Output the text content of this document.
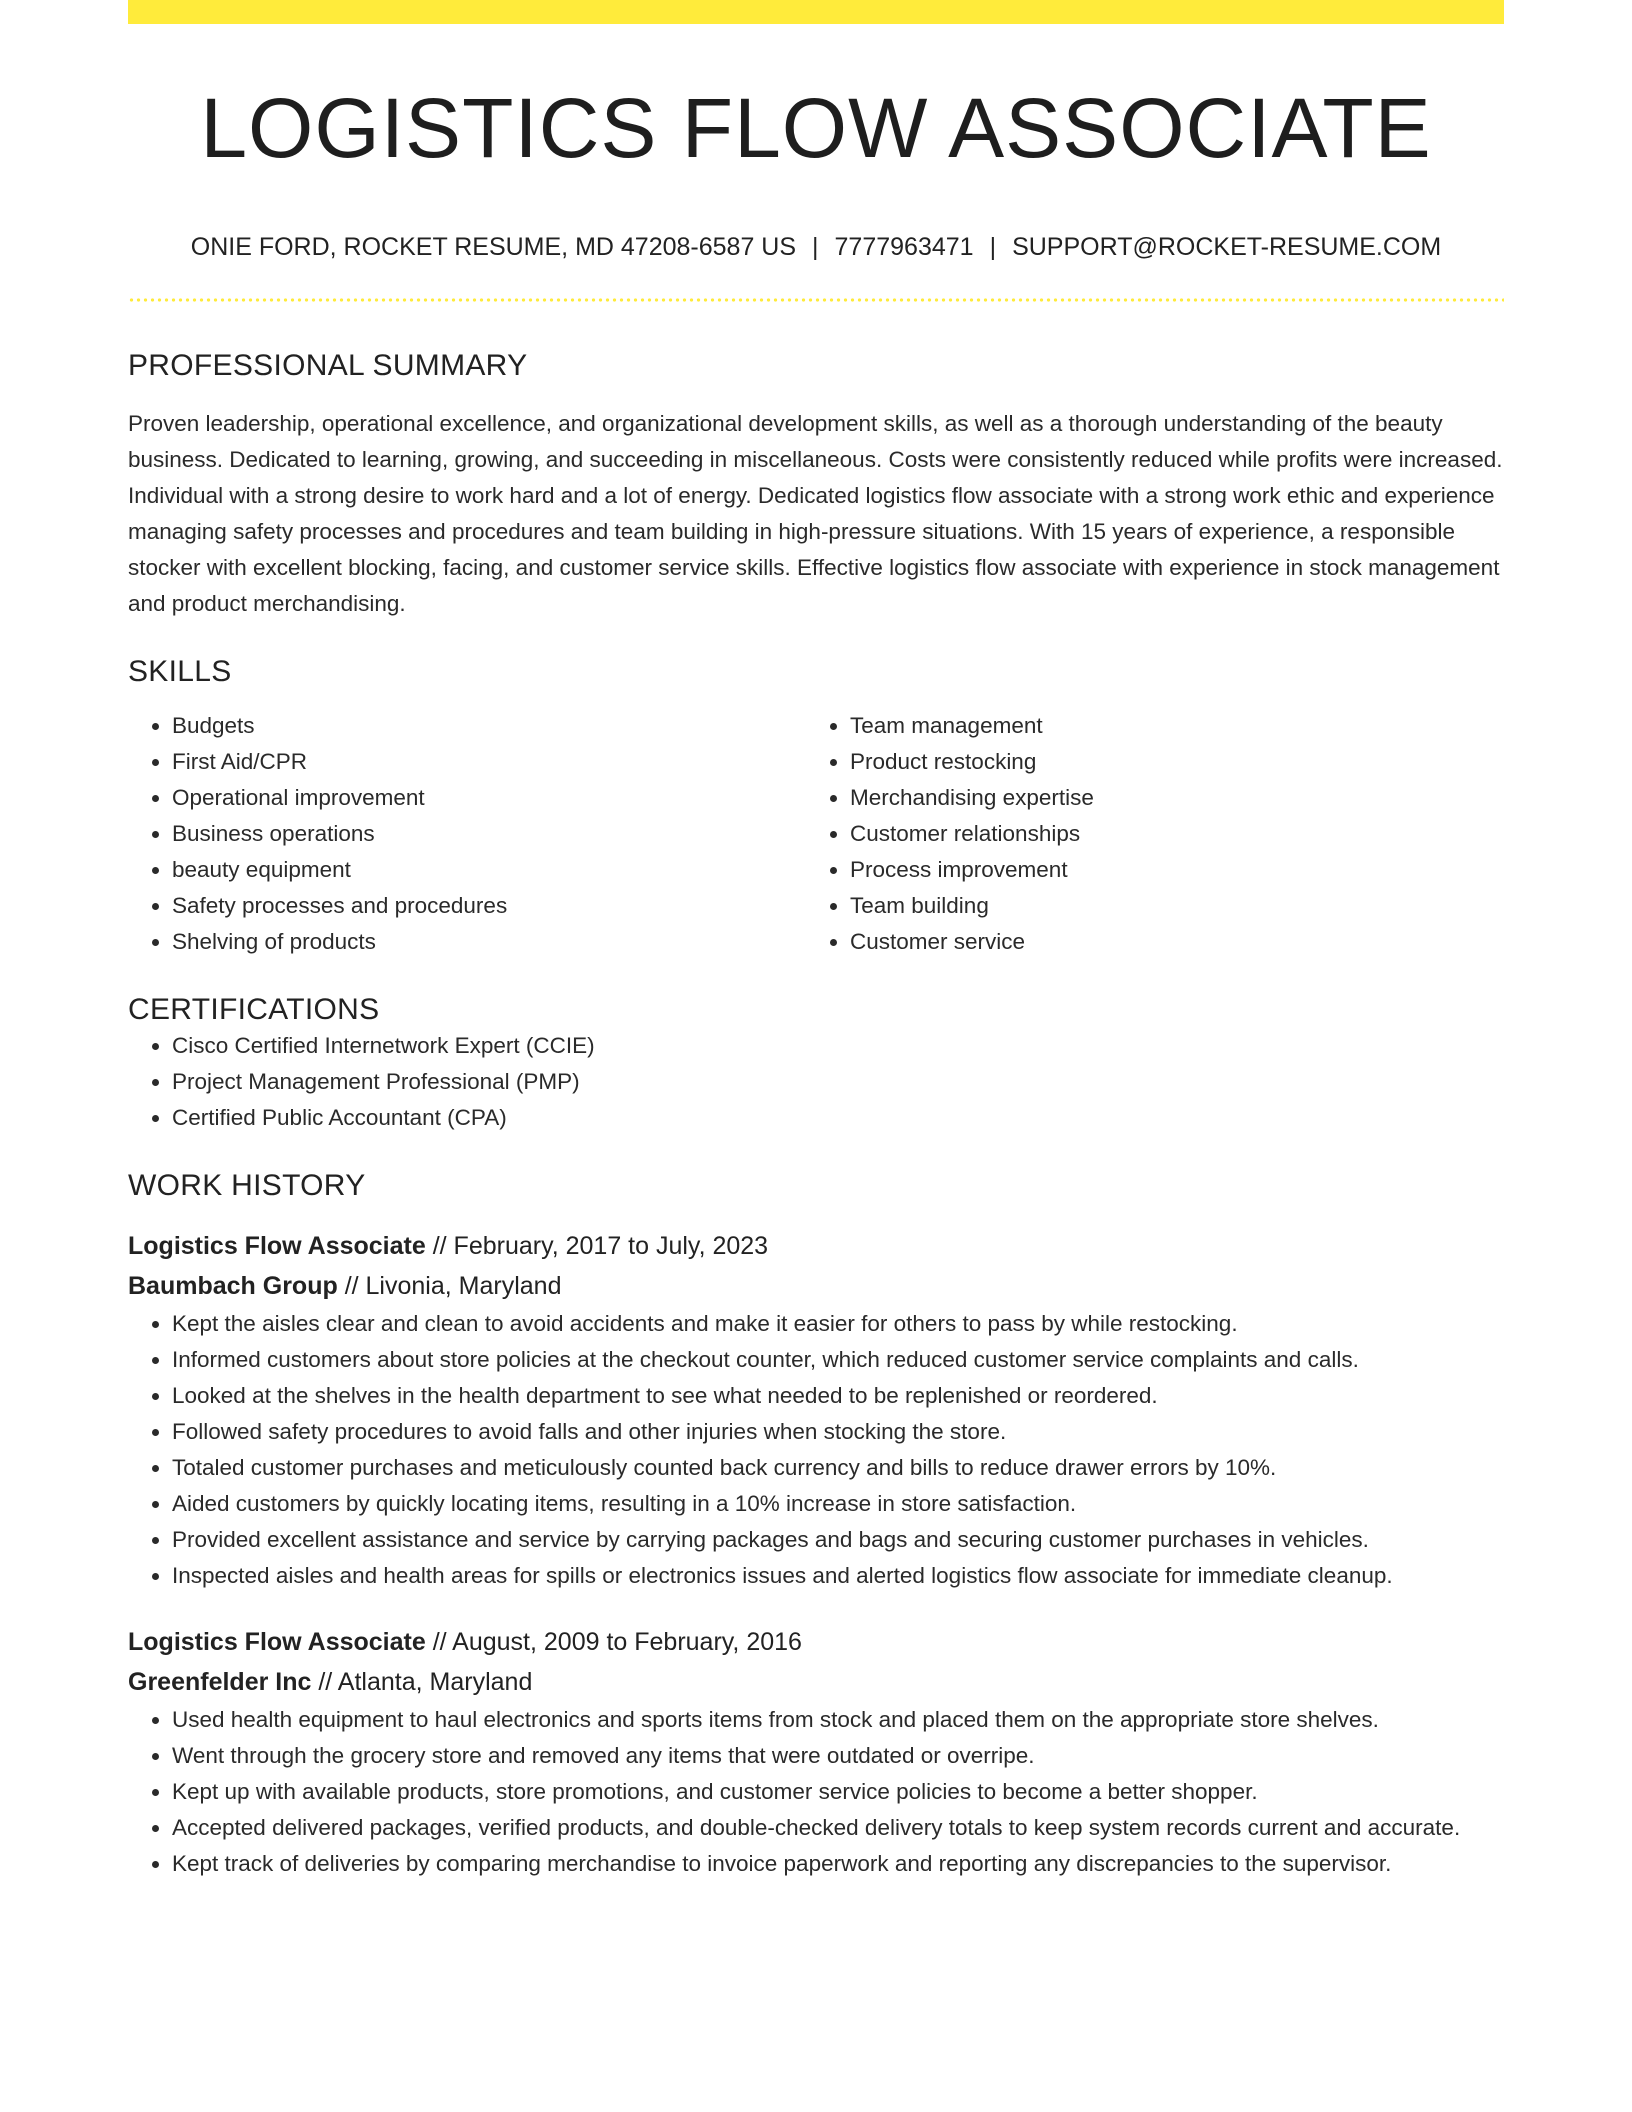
LOGISTICS FLOW ASSOCIATE
ONIE FORD, ROCKET RESUME, MD 47208-6587 US | 7777963471 | SUPPORT@ROCKET-RESUME.COM
PROFESSIONAL SUMMARY
Proven leadership, operational excellence, and organizational development skills, as well as a thorough understanding of the beauty business. Dedicated to learning, growing, and succeeding in miscellaneous. Costs were consistently reduced while profits were increased. Individual with a strong desire to work hard and a lot of energy. Dedicated logistics flow associate with a strong work ethic and experience managing safety processes and procedures and team building in high-pressure situations. With 15 years of experience, a responsible stocker with excellent blocking, facing, and customer service skills. Effective logistics flow associate with experience in stock management and product merchandising.
SKILLS
• Budgets
• First Aid/CPR
• Operational improvement
• Business operations
• beauty equipment
• Safety processes and procedures
• Shelving of products
• Team management
• Product restocking
• Merchandising expertise
• Customer relationships
• Process improvement
• Team building
• Customer service
CERTIFICATIONS
• Cisco Certified Internetwork Expert (CCIE)
• Project Management Professional (PMP)
• Certified Public Accountant (CPA)
WORK HISTORY
Logistics Flow Associate // February, 2017 to July, 2023
Baumbach Group // Livonia, Maryland
• Kept the aisles clear and clean to avoid accidents and make it easier for others to pass by while restocking.
• Informed customers about store policies at the checkout counter, which reduced customer service complaints and calls.
• Looked at the shelves in the health department to see what needed to be replenished or reordered.
• Followed safety procedures to avoid falls and other injuries when stocking the store.
• Totaled customer purchases and meticulously counted back currency and bills to reduce drawer errors by 10%.
• Aided customers by quickly locating items, resulting in a 10% increase in store satisfaction.
• Provided excellent assistance and service by carrying packages and bags and securing customer purchases in vehicles.
• Inspected aisles and health areas for spills or electronics issues and alerted logistics flow associate for immediate cleanup.
Logistics Flow Associate // August, 2009 to February, 2016
Greenfelder Inc // Atlanta, Maryland
• Used health equipment to haul electronics and sports items from stock and placed them on the appropriate store shelves.
• Went through the grocery store and removed any items that were outdated or overripe.
• Kept up with available products, store promotions, and customer service policies to become a better shopper.
• Accepted delivered packages, verified products, and double-checked delivery totals to keep system records current and accurate.
• Kept track of deliveries by comparing merchandise to invoice paperwork and reporting any discrepancies to the supervisor.
